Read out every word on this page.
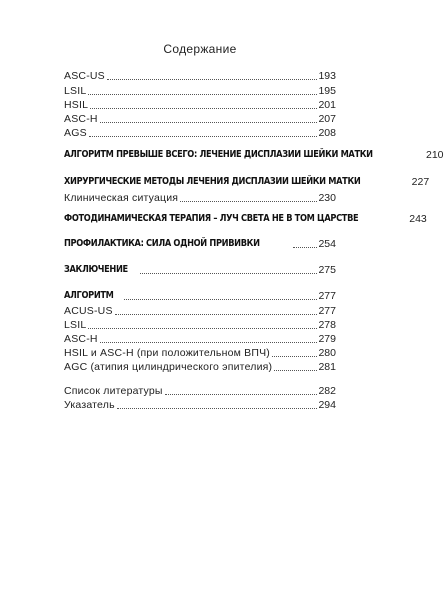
Содержание
ASC-US	193
LSIL	195
HSIL	201
ASC-H	207
AGS	208
АЛГОРИТМ ПРЕВЫШЕ ВСЕГО: ЛЕЧЕНИЕ ДИСПЛАЗИИ ШЕЙКИ МАТКИ	210
ХИРУРГИЧЕСКИЕ МЕТОДЫ ЛЕЧЕНИЯ ДИСПЛАЗИИ ШЕЙКИ МАТКИ	227
Клиническая ситуация	230
ФОТОДИНАМИЧЕСКАЯ ТЕРАПИЯ – ЛУЧ СВЕТА НЕ В ТОМ ЦАРСТВЕ	243
ПРОФИЛАКТИКА: СИЛА ОДНОЙ ПРИВИВКИ	254
ЗАКЛЮЧЕНИЕ	275
АЛГОРИТМ	277
ACUS-US	277
LSIL	278
ASC-H	279
HSIL и ASC-H (при положительном ВПЧ)	280
AGC (атипия цилиндрического эпителия)	281
Список литературы	282
Указатель	294
